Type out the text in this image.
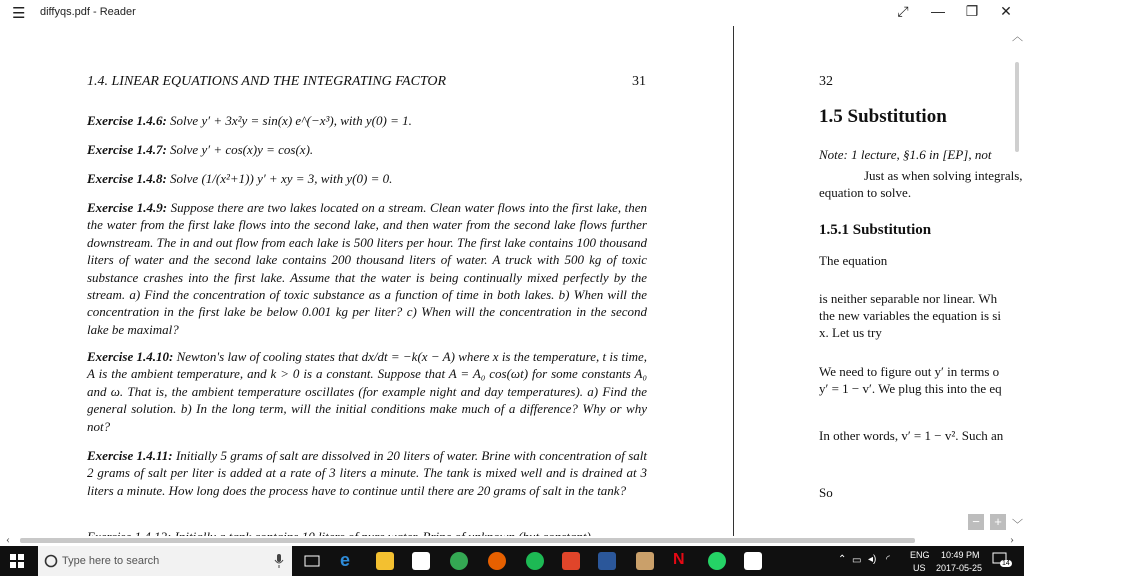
☰ diffyqs.pdf - Reader	⤢	— ❐ ✕
1.4. LINEAR EQUATIONS AND THE INTEGRATING FACTOR	31

Exercise 1.4.6: Solve y′ + 3x²y = sin(x) e^(−x³), with y(0) = 1.

Exercise 1.4.7: Solve y′ + cos(x)y = cos(x).

Exercise 1.4.8: Solve (1/(x²+1)) y′ + xy = 3, with y(0) = 0.

Exercise 1.4.9: Suppose there are two lakes located on a stream. Clean water flows into the first lake, then the water from the first lake flows into the second lake, and then water from the second lake flows further downstream. The in and out flow from each lake is 500 liters per hour. The first lake contains 100 thousand liters of water and the second lake contains 200 thousand liters of water. A truck with 500 kg of toxic substance crashes into the first lake. Assume that the water is being continually mixed perfectly by the stream. a) Find the concentration of toxic substance as a function of time in both lakes. b) When will the concentration in the first lake be below 0.001 kg per liter? c) When will the concentration in the second lake be maximal?

Exercise 1.4.10: Newton's law of cooling states that dx/dt = −k(x − A) where x is the temperature, t is time, A is the ambient temperature, and k > 0 is a constant. Suppose that A = A₀ cos(ωt) for some constants A₀ and ω. That is, the ambient temperature oscillates (for example night and day temperatures). a) Find the general solution. b) In the long term, will the initial conditions make much of a difference? Why or why not?

Exercise 1.4.11: Initially 5 grams of salt are dissolved in 20 liters of water. Brine with concentration of salt 2 grams of salt per liter is added at a rate of 3 liters a minute. The tank is mixed well and is drained at 3 liters a minute. How long does the process have to continue until there are 20 grams of salt in the tank?

32
1.5 Substitution

Note: 1 lecture, §1.6 in [EP], not

Just as when solving integrals,

equation to solve.

1.5.1 Substitution

The equation

is neither separable nor linear. Wh

the new variables the equation is si

x. Let us try

We need to figure out y′ in terms o

y′ = 1 − v′. We plug this into the eq

In other words, v′ = 1 − v². Such an

So

︿
﹀
−	+
‹	›
Type here to search	e	N	⌃ ▭ ◂) ◜ ENG
US
10:49 PM
2017-05-25	14
